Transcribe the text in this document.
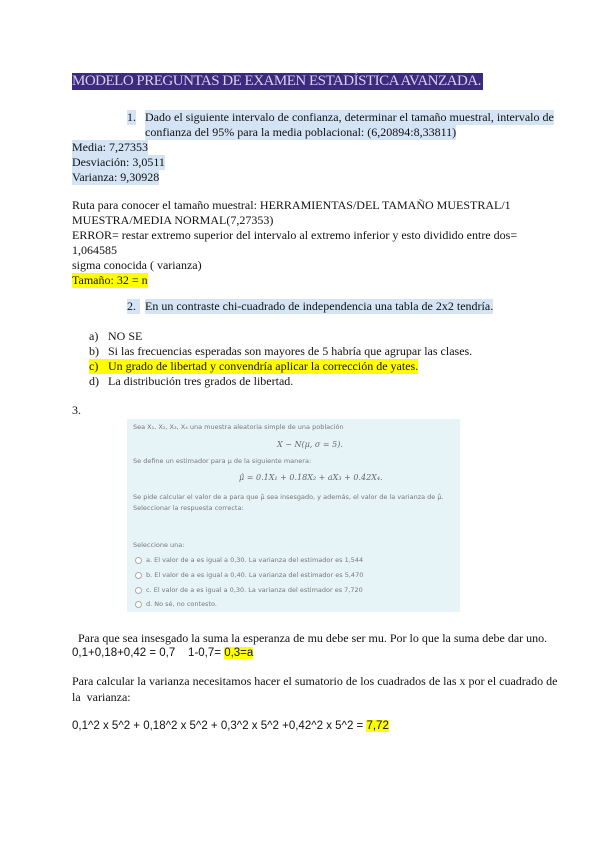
MODELO PREGUNTAS DE EXAMEN ESTADÍSTICA AVANZADA.
1. Dado el siguiente intervalo de confianza, determinar el tamaño muestral, intervalo de
confianza del 95% para la media poblacional: (6,20894:8,33811)
Media: 7,27353
Desviación: 3,0511
Varianza: 9,30928
Ruta para conocer el tamaño muestral: HERRAMIENTAS/DEL TAMAÑO MUESTRAL/1
MUESTRA/MEDIA NORMAL(7,27353)
ERROR= restar extremo superior del intervalo al extremo inferior y esto dividido entre dos=
1,064585
sigma conocida ( varianza)
Tamaño: 32 = n
2. En un contraste chi-cuadrado de independencia una tabla de 2x2 tendría.
a) NO SE
b) Si las frecuencias esperadas son mayores de 5 habría que agrupar las clases.
c) Un grado de libertad y convendría aplicar la corrección de yates.
d) La distribución tres grados de libertad.
3.
Sea X₁, X₂, X₃, X₄ una muestra aleatoria simple de una población
X ~ N(μ, σ = 5).
Se define un estimador para μ de la siguiente manera:
μ̂ = 0.1X₁ + 0.18X₂ + aX₃ + 0.42X₄.
Se pide calcular el valor de a para que μ̂ sea insesgado, y además, el valor de la varianza de μ̂.
Seleccionar la respuesta correcta:
Seleccione una:
a. El valor de a es igual a 0,30. La varianza del estimador es 1,544
b. El valor de a es igual a 0,40. La varianza del estimador es 5,470
c. El valor de a es igual a 0,30. La varianza del estimador es 7,720
d. No sé, no contesto.
Para que sea insesgado la suma la esperanza de mu debe ser mu. Por lo que la suma debe dar uno.
0,1+0,18+0,42 = 0,7    1-0,7= 0,3=a
Para calcular la varianza necesitamos hacer el sumatorio de los cuadrados de las x por el cuadrado de
la  varianza:
0,1^2 x 5^2 + 0,18^2 x 5^2 + 0,3^2 x 5^2 +0,42^2 x 5^2 = 7,72
